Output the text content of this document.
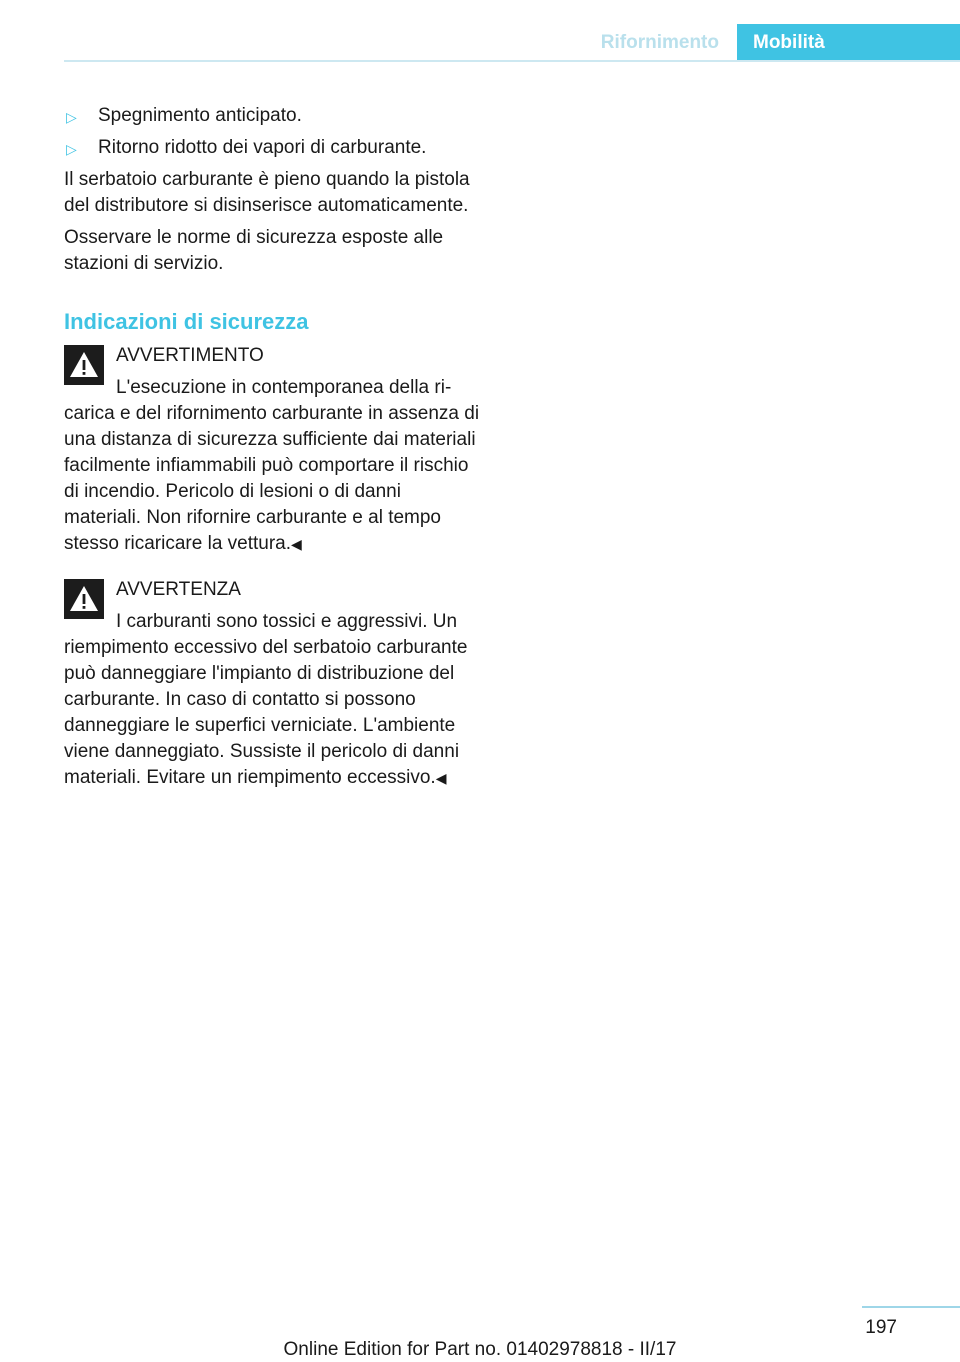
Rifornimento	Mobilità
▷ Spegnimento anticipato.
▷ Ritorno ridotto dei vapori di carburante.

Il serbatoio carburante è pieno quando la pistola del distributore si disinserisce automaticamente.

Osservare le norme di sicurezza esposte alle stazioni di servizio.

Indicazioni di sicurezza
AVVERTIMENTO
L'esecuzione in contemporanea della ricarica e del rifornimento carburante in assenza di una distanza di sicurezza sufficiente dai materiali facilmente infiammabili può comportare il rischio di incendio. Pericolo di lesioni o di danni materiali. Non rifornire carburante e al tempo stesso ricaricare la vettura.◀
AVVERTENZA
I carburanti sono tossici e aggressivi. Un riempimento eccessivo del serbatoio carburante può danneggiare l'impianto di distribuzione del carburante. In caso di contatto si possono danneggiare le superfici verniciate. L'ambiente viene danneggiato. Sussiste il pericolo di danni materiali. Evitare un riempimento eccessivo.◀
197
Online Edition for Part no. 01402978818 - II/17
